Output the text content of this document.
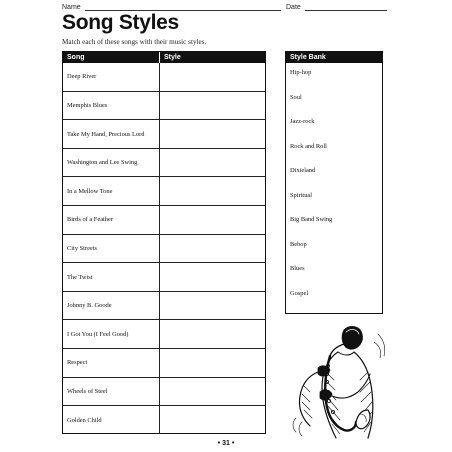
Name	Date
Song Styles
Match each of these songs with their music styles.
Song	Style
Deep River
Memphis Blues
Take My Hand, Precious Lord
Washington and Lee Swing
In a Mellow Tone
Birds of a Feather
City Streets
The Twist
Johnny B. Goode
I Got You (I Feel Good)
Respect
Wheels of Steel
Golden Child
Style Bank
Hip-hop
Soul
Jazz-rock
Rock and Roll
Dixieland
Spiritual
Big Band Swing
Bebop
Blues
Gospel
• 31 •
